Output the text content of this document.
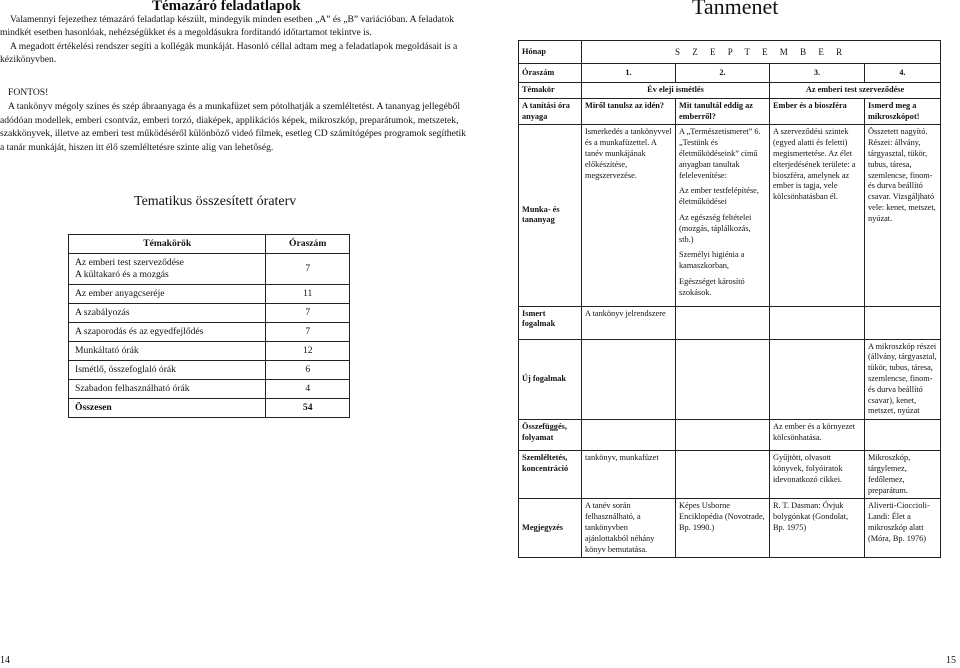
Témazáró feladatlapok

Valamennyi fejezethez témazáró feladatlap készült, mindegyik minden esetben „A” és „B” variációban. A feladatok mindkét esetben hasonlóak, nehézségükket és a megoldásukra fordítandó időtartamot tekintve is.

A megadott értékelési rendszer segíti a kollégák munkáját. Hasonló céllal adtam meg a feladatlapok megoldásait is a kézikönyvben.

FONTOS!

A tankönyv mégoly színes és szép ábraanyaga és a munkafüzet sem pótolhatják a szemléltetést. A tananyag jellegéből adódóan modellek, emberi csontváz, emberi torzó, diaképek, applikációs képek, mikroszkóp, preparátumok, metszetek, szakkönyvek, illetve az emberi test működéséről különböző videó filmek, esetleg CD számítógépes programok segíthetik a tanár munkáját, hiszen itt élő szemléltetésre szinte alig van lehetőség.

Tematikus összesített óraterv
Témakörök	Óraszám
Az emberi test szerveződése
A kültakaró és a mozgás	7
Az ember anyagcseréje	11
A szabályozás	7
A szaporodás és az egyedfejlődés	7
Munkáltató órák	12
Ismétlő, összefoglaló órák	6
Szabadon felhasználható órák	4
Összesen	54
14
Tanmenet
Hónap	S Z E P T E M B E R			
Óraszám	1.	2.	3.	4.
Témakör	Év eleji ismétlés		Az emberi test szerveződése	
A tanítási óra anyaga	Miről tanulsz az idén?	Mit tanultál eddig az emberről?	Ember és a bioszféra	Ismerd meg a mikroszkópot!
Munka- és tananyag	Ismerkedés a tankönyvvel és a munkafüzettel. A tanév munkájának előkészítése, megszervezése.	A „Természetismeret” 6. „Testünk és életműködéseink” című anyagban tanultak felelevenítése:

Az ember testfelépítése, életműködései

Az egészség feltételei (mozgás, táplálkozás, stb.)

Személyi higiénia a kamaszkorban,

Egészséget károsító szokások.	A szerveződési szintek (egyed alatti és feletti) megismertetése. Az élet elterjedésének területe: a bioszféra, amelynek az ember is tagja, vele kölcsönhatásban él.	Összetett nagyító. Részei: állvány, tárgyasztal, tükör, tubus, táresa, szemlencse, finom- és durva beállító csavar. Vizsgáljható vele: kenet, metszet, nyúzat.
Ismert fogalmak	A tankönyv jelrendszere			
Új fogalmak				A mikroszkóp részei (állvány, tárgyasztal, tükör, tubus, táresa, szemlencse, finom- és durva beállító csavar), kenet, metszet, nyúzat
Összefüggés, folyamat			Az ember és a környezet kölcsönhatása.	
Szemléltetés, koncentráció	tankönyv, munkafüzet		Gyűjtött, olvasott könyvek, folyóiratok idevonatkozó cikkei.	Mikroszkóp, tárgylemez, fedőlemez, preparátum.
Megjegyzés	A tanév során felhasználható, a tankönyvben ajánlottakból néhány könyv bemutatása.	Képes Usborne Enciklopédia (Novotrade, Bp. 1990.)	R. T. Dasman: Óvjuk bolygónkat (Gondolat, Bp. 1975)	Aliverti-Cioccioli-Landi: Élet a mikroszkóp alatt (Móra, Bp. 1976)
15
